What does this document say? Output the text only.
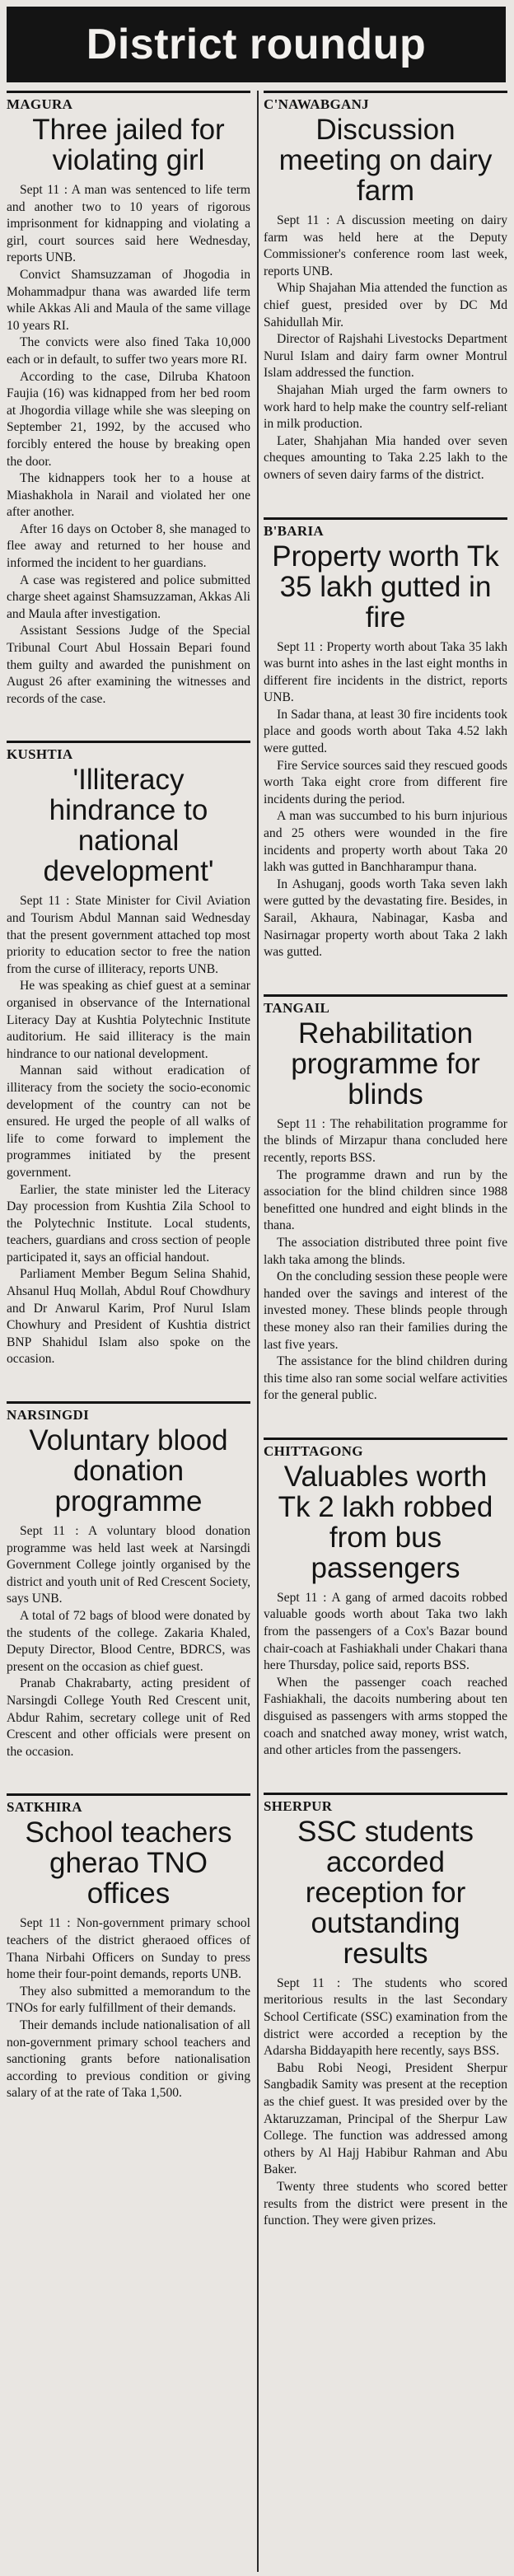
District roundup
MAGURA
Three jailed for violating girl

Sept 11 : A man was sentenced to life term and another two to 10 years of rigorous imprisonment for kidnapping and violating a girl, court sources said here Wednesday, reports UNB.

Convict Shamsuzzaman of Jhogodia in Mohammadpur thana was awarded life term while Akkas Ali and Maula of the same village 10 years RI.

The convicts were also fined Taka 10,000 each or in default, to suffer two years more RI.

According to the case, Dilruba Khatoon Faujia (16) was kidnapped from her bed room at Jhogordia village while she was sleeping on September 21, 1992, by the accused who forcibly entered the house by breaking open the door.

The kidnappers took her to a house at Miashakhola in Narail and violated her one after another.

After 16 days on October 8, she managed to flee away and returned to her house and informed the incident to her guardians.

A case was registered and police submitted charge sheet against Shamsuzzaman, Akkas Ali and Maula after investigation.

Assistant Sessions Judge of the Special Tribunal Court Abul Hossain Bepari found them guilty and awarded the punishment on August 26 after examining the witnesses and records of the case.

KUSHTIA
'Illiteracy hindrance to national development'

Sept 11 : State Minister for Civil Aviation and Tourism Abdul Mannan said Wednesday that the present government attached top most priority to education sector to free the nation from the curse of illiteracy, reports UNB.

He was speaking as chief guest at a seminar organised in observance of the International Literacy Day at Kushtia Polytechnic Institute auditorium. He said illiteracy is the main hindrance to our national development.

Mannan said without eradication of illiteracy from the society the socio-economic development of the country can not be ensured. He urged the people of all walks of life to come forward to implement the programmes initiated by the present government.

Earlier, the state minister led the Literacy Day procession from Kushtia Zila School to the Polytechnic Institute. Local students, teachers, guardians and cross section of people participated it, says an official handout.

Parliament Member Begum Selina Shahid, Ahsanul Huq Mollah, Abdul Rouf Chowdhury and Dr Anwarul Karim, Prof Nurul Islam Chowhury and President of Kushtia district BNP Shahidul Islam also spoke on the occasion.

NARSINGDI
Voluntary blood donation programme

Sept 11 : A voluntary blood donation programme was held last week at Narsingdi Government College jointly organised by the district and youth unit of Red Crescent Society, says UNB.

A total of 72 bags of blood were donated by the students of the college. Zakaria Khaled, Deputy Director, Blood Centre, BDRCS, was present on the occasion as chief guest.

Pranab Chakrabarty, acting president of Narsingdi College Youth Red Crescent unit, Abdur Rahim, secretary college unit of Red Crescent and other officials were present on the occasion.

SATKHIRA
School teachers gherao TNO offices

Sept 11 : Non-government primary school teachers of the district gheraoed offices of Thana Nirbahi Officers on Sunday to press home their four-point demands, reports UNB.

They also submitted a memorandum to the TNOs for early fulfillment of their demands.

Their demands include nationalisation of all non-government primary school teachers and sanctioning grants before nationalisation according to previous condition or giving salary of at the rate of Taka 1,500.

C'NAWABGANJ
Discussion meeting on dairy farm

Sept 11 : A discussion meeting on dairy farm was held here at the Deputy Commissioner's conference room last week, reports UNB.

Whip Shajahan Mia attended the function as chief guest, presided over by DC Md Sahidullah Mir.

Director of Rajshahi Livestocks Department Nurul Islam and dairy farm owner Montrul Islam addressed the function.

Shajahan Miah urged the farm owners to work hard to help make the country self-reliant in milk production.

Later, Shahjahan Mia handed over seven cheques amounting to Taka 2.25 lakh to the owners of seven dairy farms of the district.

B'BARIA
Property worth Tk 35 lakh gutted in fire

Sept 11 : Property worth about Taka 35 lakh was burnt into ashes in the last eight months in different fire incidents in the district, reports UNB.

In Sadar thana, at least 30 fire incidents took place and goods worth about Taka 4.52 lakh were gutted.

Fire Service sources said they rescued goods worth Taka eight crore from different fire incidents during the period.

A man was succumbed to his burn injurious and 25 others were wounded in the fire incidents and property worth about Taka 20 lakh was gutted in Banchharampur thana.

In Ashuganj, goods worth Taka seven lakh were gutted by the devastating fire. Besides, in Sarail, Akhaura, Nabinagar, Kasba and Nasirnagar property worth about Taka 2 lakh was gutted.

TANGAIL
Rehabilitation programme for blinds

Sept 11 : The rehabilitation programme for the blinds of Mirzapur thana concluded here recently, reports BSS.

The programme drawn and run by the association for the blind children since 1988 benefitted one hundred and eight blinds in the thana.

The association distributed three point five lakh taka among the blinds.

On the concluding session these people were handed over the savings and interest of the invested money. These blinds people through these money also ran their families during the last five years.

The assistance for the blind children during this time also ran some social welfare activities for the general public.

CHITTAGONG
Valuables worth Tk 2 lakh robbed from bus passengers

Sept 11 : A gang of armed dacoits robbed valuable goods worth about Taka two lakh from the passengers of a Cox's Bazar bound chair-coach at Fashiakhali under Chakari thana here Thursday, police said, reports BSS.

When the passenger coach reached Fashiakhali, the dacoits numbering about ten disguised as passengers with arms stopped the coach and snatched away money, wrist watch, and other articles from the passengers.

SHERPUR
SSC students accorded reception for outstanding results

Sept 11 : The students who scored meritorious results in the last Secondary School Certificate (SSC) examination from the district were accorded a reception by the Adarsha Biddayapith here recently, says BSS.

Babu Robi Neogi, President Sherpur Sangbadik Samity was present at the reception as the chief guest. It was presided over by the Aktaruzzaman, Principal of the Sherpur Law College. The function was addressed among others by Al Hajj Habibur Rahman and Abu Baker.

Twenty three students who scored better results from the district were present in the function. They were given prizes.
